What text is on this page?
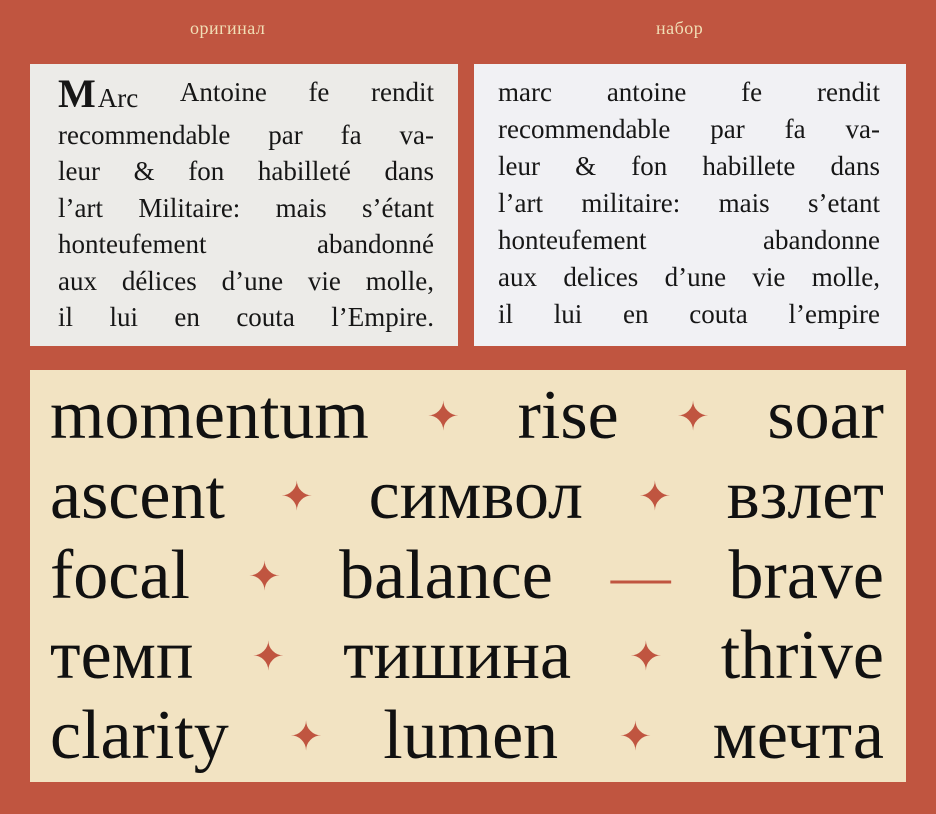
оригинал	набор
M Arc Antoine fe rendit
recommendable par fa va-
leur & fon habilleté dans
l’art Militaire: mais s’étant
honteufement	abandonné
aux délices d’une vie molle,
il lui en couta l’Empire.
marc antoine fe rendit
recommendable par fa va-
leur & fon habillete dans
l’art militaire: mais s’etant
honteufement	abandonne
aux delices d’une vie molle,
il lui en couta l’empire
momentum ✦ rise ✦ soar
ascent ✦ символ ✦ взлет
focal ✦ balance — brave
темп ✦ тишина ✦ thrive
clarity ✦ lumen ✦ мечта
